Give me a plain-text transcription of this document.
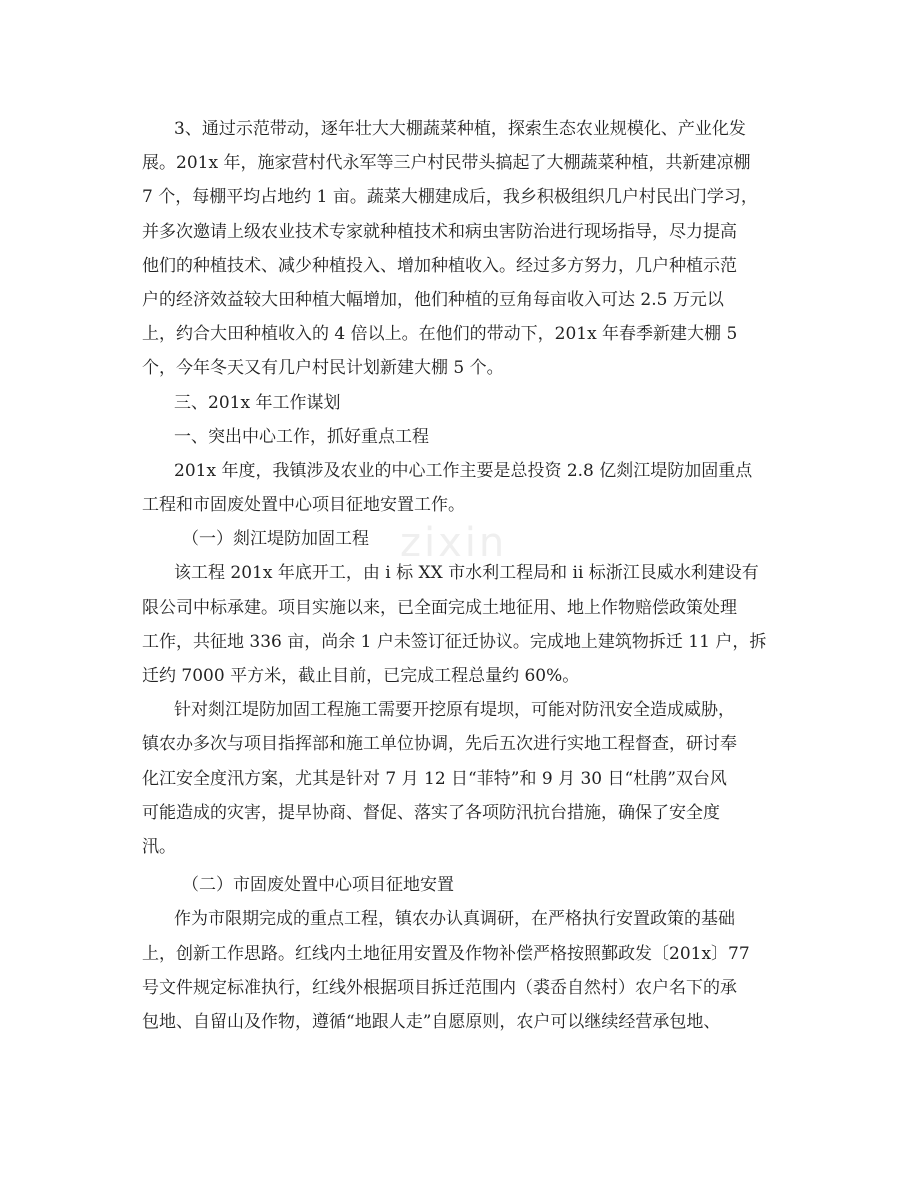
zixin
3、通过示范带动，逐年壮大大棚蔬菜种植，探索生态农业规模化、产业化发
展。201x 年，施家营村代永军等三户村民带头搞起了大棚蔬菜种植，共新建凉棚
7 个，每棚平均占地约 1 亩。蔬菜大棚建成后，我乡积极组织几户村民出门学习，
并多次邀请上级农业技术专家就种植技术和病虫害防治进行现场指导，尽力提高
他们的种植技术、减少种植投入、增加种植收入。经过多方努力，几户种植示范
户的经济效益较大田种植大幅增加，他们种植的豆角每亩收入可达 2.5 万元以
上，约合大田种植收入的 4 倍以上。在他们的带动下，201x 年春季新建大棚 5
个，今年冬天又有几户村民计划新建大棚 5 个。
三、201x 年工作谋划
一、突出中心工作，抓好重点工程
201x 年度，我镇涉及农业的中心工作主要是总投资 2.8 亿剡江堤防加固重点
工程和市固废处置中心项目征地安置工作。
（一）剡江堤防加固工程
该工程 201x 年底开工，由 i 标 XX 市水利工程局和 ii 标浙江艮威水利建设有
限公司中标承建。项目实施以来，已全面完成土地征用、地上作物赔偿政策处理
工作，共征地 336 亩，尚余 1 户未签订征迁协议。完成地上建筑物拆迁 11 户，拆
迁约 7000 平方米，截止目前，已完成工程总量约 60%。
针对剡江堤防加固工程施工需要开挖原有堤坝，可能对防汛安全造成威胁，
镇农办多次与项目指挥部和施工单位协调，先后五次进行实地工程督查，研讨奉
化江安全度汛方案，尤其是针对 7 月 12 日“菲特”和 9 月 30 日“杜鹃”双台风
可能造成的灾害，提早协商、督促、落实了各项防汛抗台措施，确保了安全度
汛。
（二）市固废处置中心项目征地安置
作为市限期完成的重点工程，镇农办认真调研，在严格执行安置政策的基础
上，创新工作思路。红线内土地征用安置及作物补偿严格按照鄞政发〔201x〕77
号文件规定标准执行，红线外根据项目拆迁范围内（裘岙自然村）农户名下的承
包地、自留山及作物，遵循“地跟人走”自愿原则，农户可以继续经营承包地、
